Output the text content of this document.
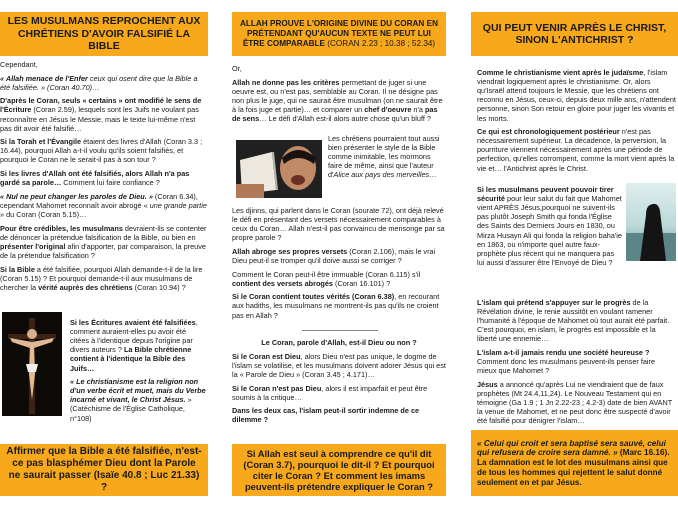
LES MUSULMANS REPROCHENT AUX CHRÉTIENS D'AVOIR FALSIFIÉ LA BIBLE

Cependant,

« Allah menace de l'Enfer ceux qui osent dire que la Bible a été falsifiée. » (Coran 40.70)…

D'après le Coran, seuls « certains » ont modifié le sens de l'Écriture (Coran 2.59), lesquels sont les Juifs ne voulant pas reconnaître en Jésus le Messie, mais le texte lui-même n'est pas dit avoir été falsifié…

Si la Torah et l'Évangile étaient des livres d'Allah (Coran 3.3 ; 16.44), pourquoi Allah a-t-il voulu qu'ils soient falsifiés, et pourquoi le Coran ne le serait-il pas à son tour ?

Si les livres d'Allah ont été falsifiés, alors Allah n'a pas gardé sa parole… Comment lui faire confiance ?

« Nul ne peut changer les paroles de Dieu. » (Coran 6.34), cependant Mahomet reconnaît avoir abrogé « une grande partie » du Coran (Coran 5.15)…

Pour être crédibles, les musulmans devraient-ils se contenter de dénoncer la prétendue falsification de la Bible, ou bien en présenter l'original afin d'apporter, par comparaison, la preuve de la prétendue falsification ?

Si la Bible a été falsifiée, pourquoi Allah demande-t-il de la lire (Coran 5.15) ? Et pourquoi demande-t-il aux musulmans de chercher la vérité auprès des chrétiens (Coran 10.94) ?

Si les Écritures avaient été falsifiées, comment auraient-elles pu avoir été citées à l'identique depuis l'origine par divers auteurs ? La Bible chrétienne contient à l'identique la Bible des Juifs…

« Le christianisme est la religion non d'un verbe écrit et muet, mais du Verbe incarné et vivant, le Christ Jésus. » (Catéchisme de l'Église Catholique, n°108)

Affirmer que la Bible a été falsifiée, n'est-ce pas blasphémer Dieu dont la Parole ne saurait passer (Isaïe 40.8 ; Luc 21.33) ?
ALLAH PROUVE L'ORIGINE DIVINE DU CORAN EN PRÉTENDANT QU'AUCUN TEXTE NE PEUT LUI ÊTRE COMPARABLE (CORAN 2.23 ; 10.38 ; 52.34)

Or,

Allah ne donne pas les critères permettant de juger si une oeuvre est, ou n'est pas, semblable au Coran. Il ne désigne pas non plus le juge, qui ne saurait être musulman (on ne saurait être à la fois juge et partie)… et comparer un chef d'oeuvre n'a pas de sens… Le défi d'Allah est-il alors autre chose qu'un bluff ?

Les chrétiens pourraient tout aussi bien présenter le style de la Bible comme inimitable, les mormons faire de même, ainsi que l'auteur d'Alice aux pays des merveilles…

Les djinns, qui parlent dans le Coran (sourate 72), ont déjà relevé le défi en présentant des versets nécessairement comparables à ceux du Coran… Allah n'est-il pas convaincu de mensonge par sa propre parole ?

Allah abroge ses propres versets (Coran 2.106), mais le vrai Dieu peut-il se tromper qu'il doive aussi se corriger ?

Comment le Coran peut-il être immuable (Coran 6.115) s'il contient des versets abrogés (Coran 16.101) ?

Si le Coran contient toutes vérités (Coran 6.38), en recourant aux hadiths, les musulmans ne montrent-ils pas qu'ils ne croient pas en Allah ?

Le Coran, parole d'Allah, est-il Dieu ou non ?

Si le Coran est Dieu, alors Dieu n'est pas unique, le dogme de l'islam se volatilise, et les musulmans doivent adorer Jésus qui est la « Parole de Dieu » (Coran 3.45 ; 4.171)…

Si le Coran n'est pas Dieu, alors il est imparfait et peut être soumis à la critique…

Dans les deux cas, l'islam peut-il sortir indemne de ce dilemme ?

Si Allah est seul à comprendre ce qu'il dit (Coran 3.7), pourquoi le dit-il ? Et pourquoi citer le Coran ? Et comment les imams peuvent-ils prétendre expliquer le Coran ?
QUI PEUT VENIR APRÈS LE CHRIST, SINON L'ANTICHRIST ?

Comme le christianisme vient après le judaïsme, l'islam viendrait logiquement après le christianisme. Or, alors qu'Israël attend toujours le Messie, que les chrétiens ont reconnu en Jésus, ceux-ci, depuis deux mille ans, n'attendent personne, sinon Son retour en gloire pour juger les vivants et les morts.

Ce qui est chronologiquement postérieur n'est pas nécessairement supérieur. La décadence, la perversion, la pourriture viennent nécessairement après une période de perfection, qu'elles corrompent, comme la mort vient après la vie et… l'Antichrist après le Christ.

Si les musulmans peuvent pouvoir tirer sécurité pour leur salut du fait que Mahomet vient APRÈS Jésus,pourquoi ne suivent-ils pas plutôt Joseph Smith qui fonda l'Église des Saints des Derniers Jours en 1830, ou Mirza Husayn Ali qui fonda la religion baha'ie en 1863, ou n'importe quel autre faux-prophète plus récent qui ne manquera pas lui aussi d'assurer être l'Envoyé de Dieu ?

L'islam qui prétend s'appuyer sur le progrès de la Révélation divine, le renie aussitôt en voulant ramener l'humanité à l'époque de Mahomet où tout aurait été parfait. C'est pourquoi, en islam, le progrès est impossible et la liberté une ennemie…

L'islam a-t-il jamais rendu une société heureuse ? Comment donc les musulmans peuvent-ils penser faire mieux que Mahomet ?

Jésus a annoncé qu'après Lui ne viendraient que de faux prophètes (Mt 24.4,11,24). Le Nouveau Testament qui en témoigne (Ga 1.9 ; 1 Jn 2.22-23 ; 4.2-3) date de bien AVANT la venue de Mahomet, et ne peut donc être suspecté d'avoir été falsifié pour dénigrer l'islam…

« Celui qui croit et sera baptisé sera sauvé, celui qui refusera de croire sera damné. » (Marc 16.16). La damnation est le lot des musulmans ainsi que de tous les hommes qui rejettent le salut donné seulement en et par Jésus.
